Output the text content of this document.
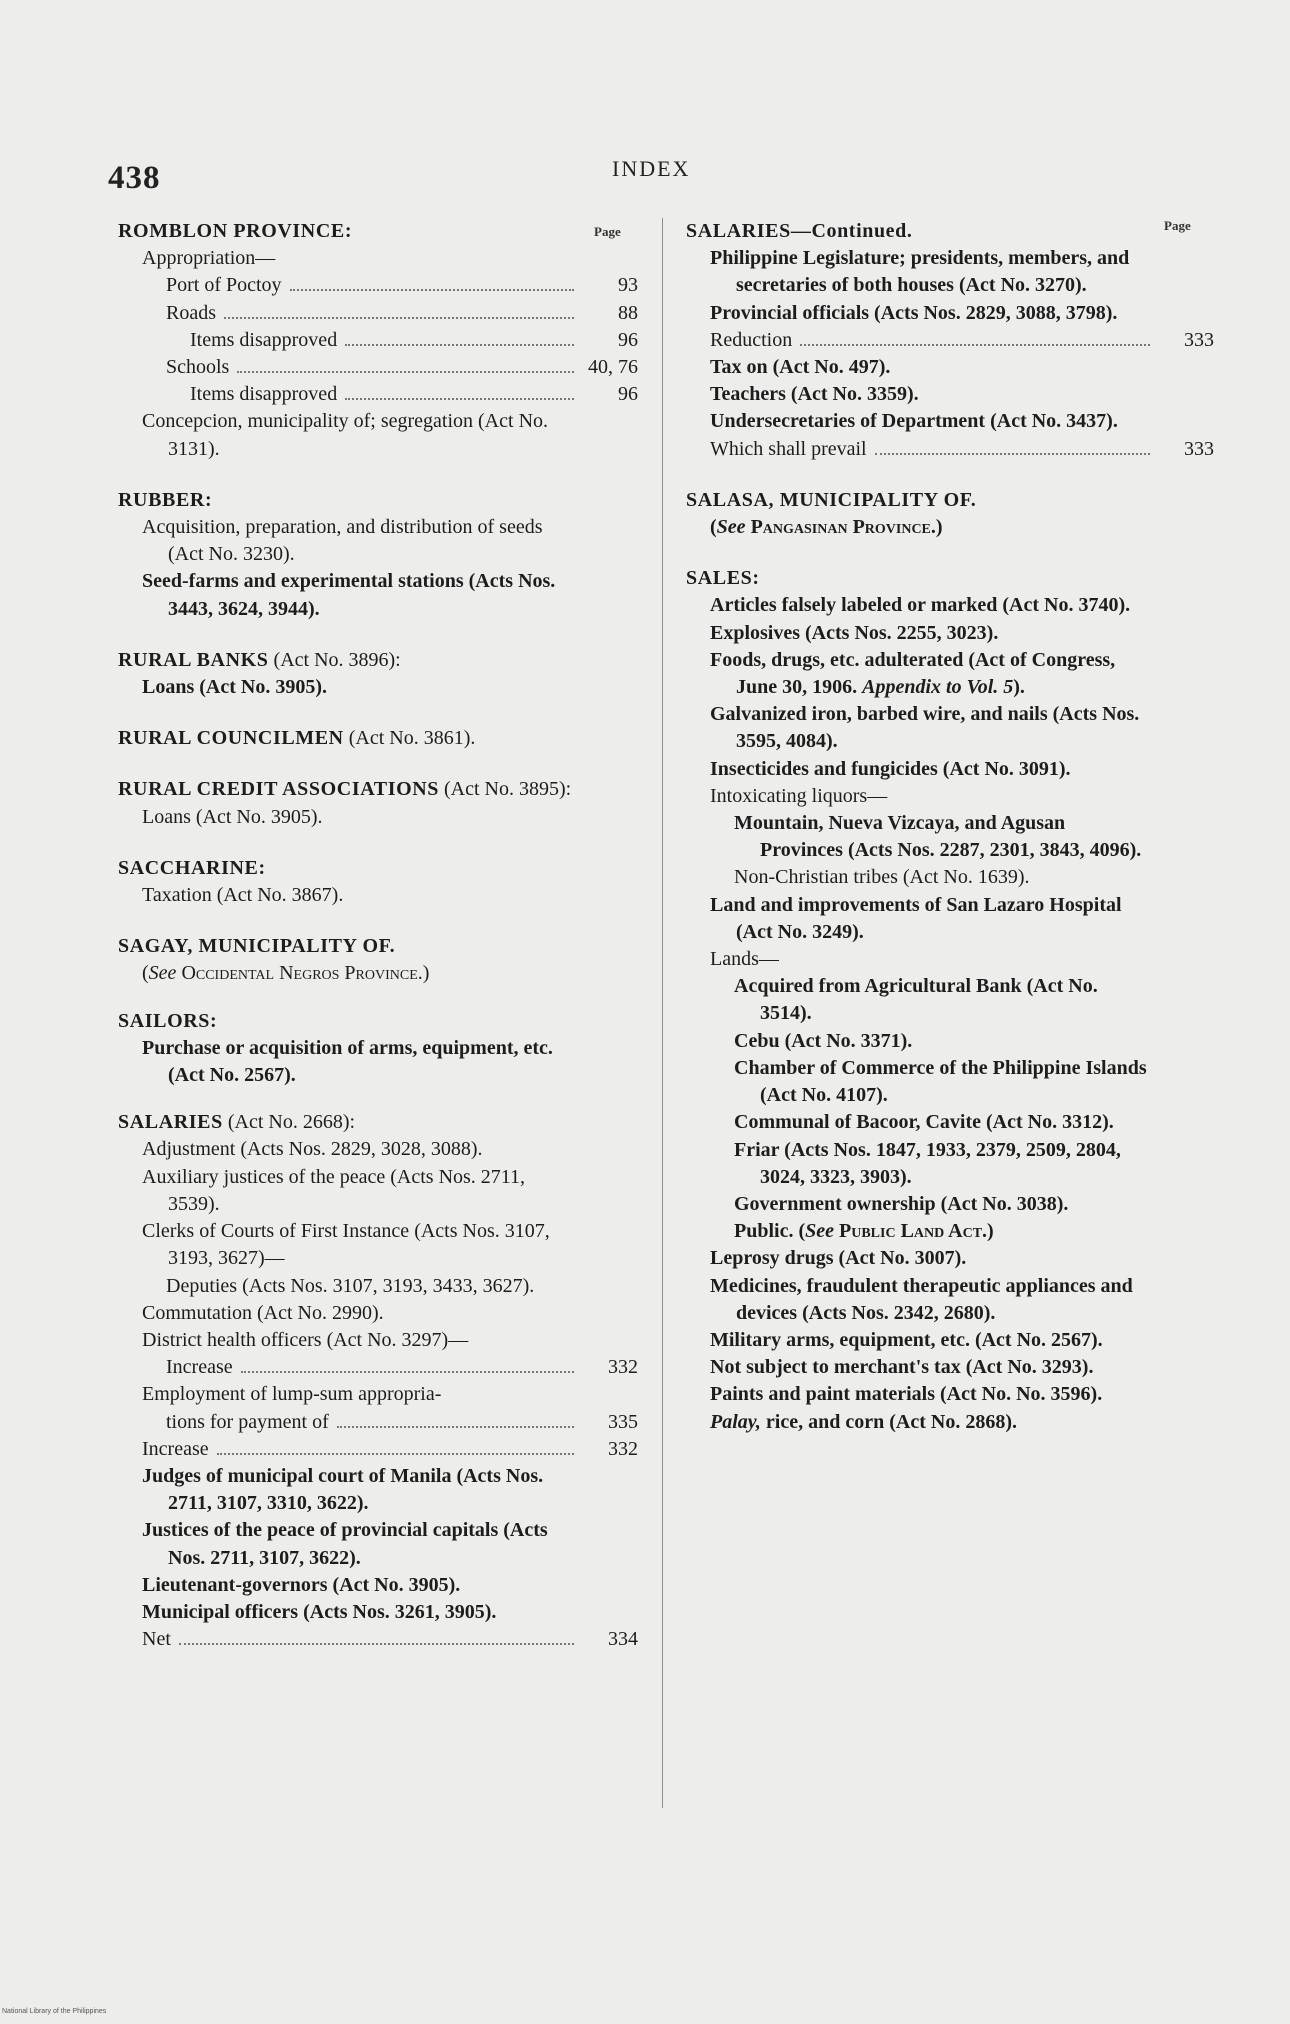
438	INDEX
Page	Page
ROMBLON PROVINCE:
Appropriation—
Port of Poctoy	93
Roads	88
Items disapproved	96
Schools	40, 76
Items disapproved	96
Concepcion, municipality of; segregation (Act No. 3131).
RUBBER:
Acquisition, preparation, and distribution of seeds (Act No. 3230).
Seed-farms and experimental stations (Acts Nos. 3443, 3624, 3944).
RURAL BANKS (Act No. 3896):
Loans (Act No. 3905).
RURAL COUNCILMEN (Act No. 3861).
RURAL CREDIT ASSOCIATIONS (Act No. 3895):
Loans (Act No. 3905).
SACCHARINE:
Taxation (Act No. 3867).
SAGAY, MUNICIPALITY OF.
(See Occidental Negros Province.)
SAILORS:
Purchase or acquisition of arms, equipment, etc. (Act No. 2567).
SALARIES (Act No. 2668):
Adjustment (Acts Nos. 2829, 3028, 3088).
Auxiliary justices of the peace (Acts Nos. 2711, 3539).
Clerks of Courts of First Instance (Acts Nos. 3107, 3193, 3627)—
Deputies (Acts Nos. 3107, 3193, 3433, 3627).
Commutation (Act No. 2990).
District health officers (Act No. 3297)—
Increase	332
Employment of lump-sum appropria-
tions for payment of	335
Increase	332
Judges of municipal court of Manila (Acts Nos. 2711, 3107, 3310, 3622).
Justices of the peace of provincial capitals (Acts Nos. 2711, 3107, 3622).
Lieutenant-governors (Act No. 3905).
Municipal officers (Acts Nos. 3261, 3905).
Net	334
SALARIES—Continued.
Philippine Legislature; presidents, members, and secretaries of both houses (Act No. 3270).
Provincial officials (Acts Nos. 2829, 3088, 3798).
Reduction	333
Tax on (Act No. 497).
Teachers (Act No. 3359).
Undersecretaries of Department (Act No. 3437).
Which shall prevail	333
SALASA, MUNICIPALITY OF.
(See Pangasinan Province.)
SALES:
Articles falsely labeled or marked (Act No. 3740).
Explosives (Acts Nos. 2255, 3023).
Foods, drugs, etc. adulterated (Act of Congress, June 30, 1906. Appendix to Vol. 5).
Galvanized iron, barbed wire, and nails (Acts Nos. 3595, 4084).
Insecticides and fungicides (Act No. 3091).
Intoxicating liquors—
Mountain, Nueva Vizcaya, and Agusan Provinces (Acts Nos. 2287, 2301, 3843, 4096).
Non-Christian tribes (Act No. 1639).
Land and improvements of San Lazaro Hospital (Act No. 3249).
Lands—
Acquired from Agricultural Bank (Act No. 3514).
Cebu (Act No. 3371).
Chamber of Commerce of the Philippine Islands (Act No. 4107).
Communal of Bacoor, Cavite (Act No. 3312).
Friar (Acts Nos. 1847, 1933, 2379, 2509, 2804, 3024, 3323, 3903).
Government ownership (Act No. 3038).
Public. (See Public Land Act.)
Leprosy drugs (Act No. 3007).
Medicines, fraudulent therapeutic appliances and devices (Acts Nos. 2342, 2680).
Military arms, equipment, etc. (Act No. 2567).
Not subject to merchant's tax (Act No. 3293).
Paints and paint materials (Act No. No. 3596).
Palay, rice, and corn (Act No. 2868).
National Library of the Philippines
